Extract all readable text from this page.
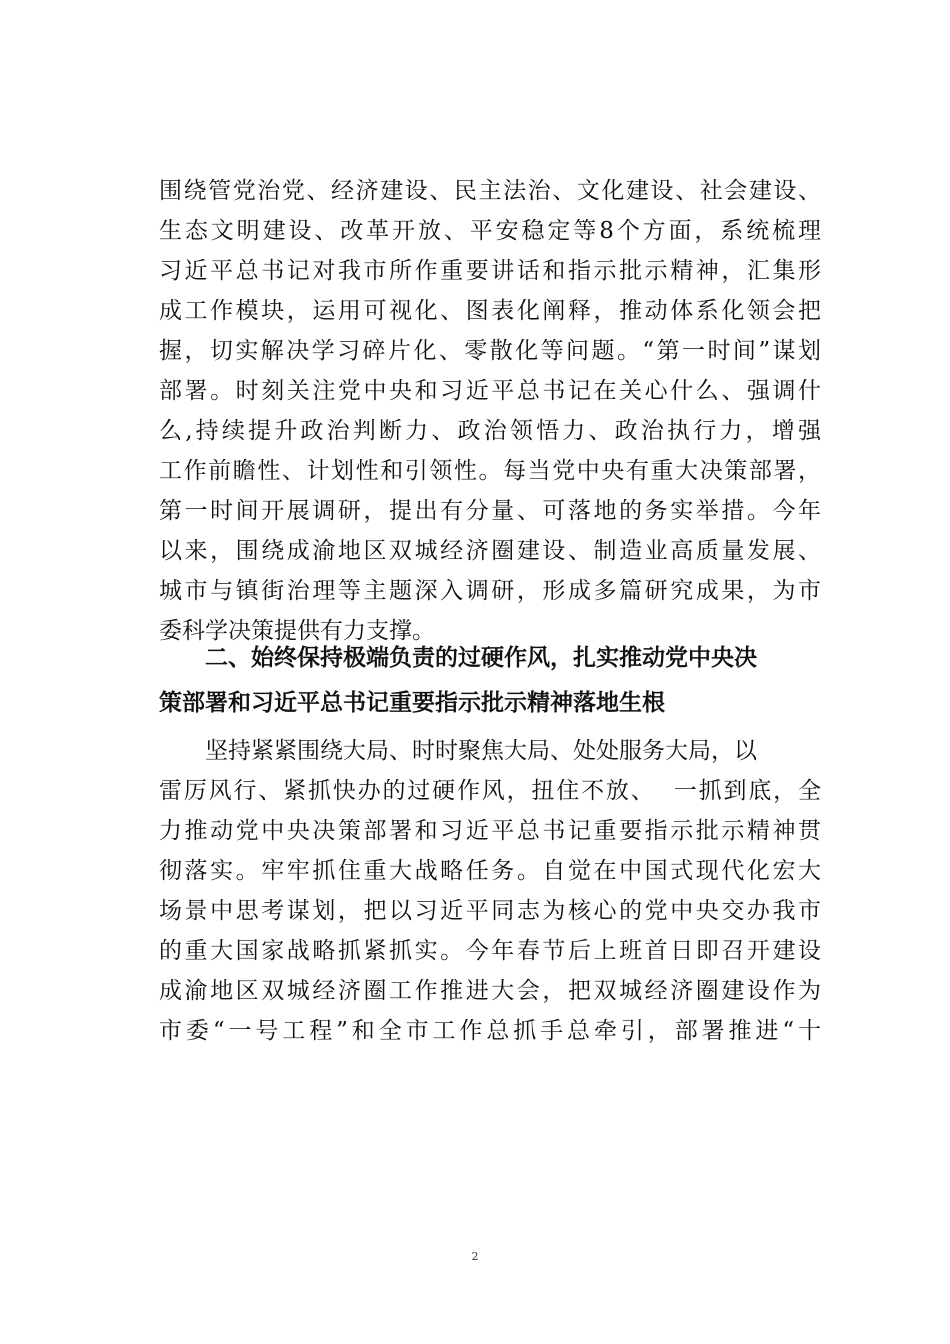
围绕管党治党、经济建设、民主法治、文化建设、社会建设、
生态文明建设、改革开放、平安稳定等8个方面，系统梳理
习近平总书记对我市所作重要讲话和指示批示精神，汇集形
成工作模块，运用可视化、图表化阐释，推动体系化领会把
握，切实解决学习碎片化、零散化等问题。“第一时间”谋划
部署。时刻关注党中央和习近平总书记在关心什么、强调什
么,持续提升政治判断力、政治领悟力、政治执行力，增强
工作前瞻性、计划性和引领性。每当党中央有重大决策部署，
第一时间开展调研，提出有分量、可落地的务实举措。今年
以来，围绕成渝地区双城经济圈建设、制造业高质量发展、
城市与镇街治理等主题深入调研，形成多篇研究成果，为市
委科学决策提供有力支撑。
二、始终保持极端负责的过硬作风，扎实推动党中央决
策部署和习近平总书记重要指示批示精神落地生根
坚持紧紧围绕大局、时时聚焦大局、处处服务大局，以
雷厉风行、紧抓快办的过硬作风，扭住不放、  一抓到底，全
力推动党中央决策部署和习近平总书记重要指示批示精神贯
彻落实。牢牢抓住重大战略任务。自觉在中国式现代化宏大
场景中思考谋划，把以习近平同志为核心的党中央交办我市
的重大国家战略抓紧抓实。今年春节后上班首日即召开建设
成渝地区双城经济圈工作推进大会，把双城经济圈建设作为
市委“一号工程”和全市工作总抓手总牵引，部署推进“十
2
